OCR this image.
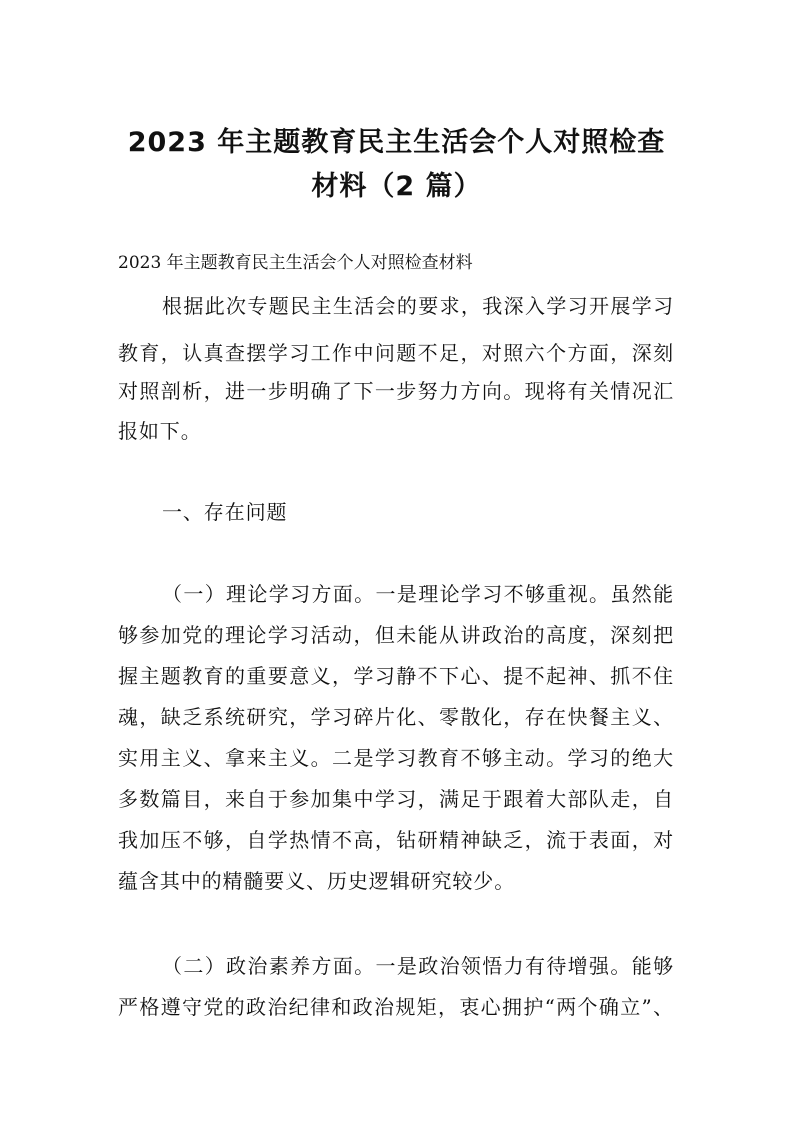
2023 年主题教育民主生活会个人对照检查
材料（2 篇）
2023 年主题教育民主生活会个人对照检查材料
根据此次专题民主生活会的要求，我深入学习开展学习
教育，认真查摆学习工作中问题不足，对照六个方面，深刻
对照剖析，进一步明确了下一步努力方向。现将有关情况汇
报如下。
一、存在问题
（一）理论学习方面。一是理论学习不够重视。虽然能
够参加党的理论学习活动，但未能从讲政治的高度，深刻把
握主题教育的重要意义，学习静不下心、提不起神、抓不住
魂，缺乏系统研究，学习碎片化、零散化，存在快餐主义、
实用主义、拿来主义。二是学习教育不够主动。学习的绝大
多数篇目，来自于参加集中学习，满足于跟着大部队走，自
我加压不够，自学热情不高，钻研精神缺乏，流于表面，对
蕴含其中的精髓要义、历史逻辑研究较少。
（二）政治素养方面。一是政治领悟力有待增强。能够
严格遵守党的政治纪律和政治规矩，衷心拥护“两个确立”、
